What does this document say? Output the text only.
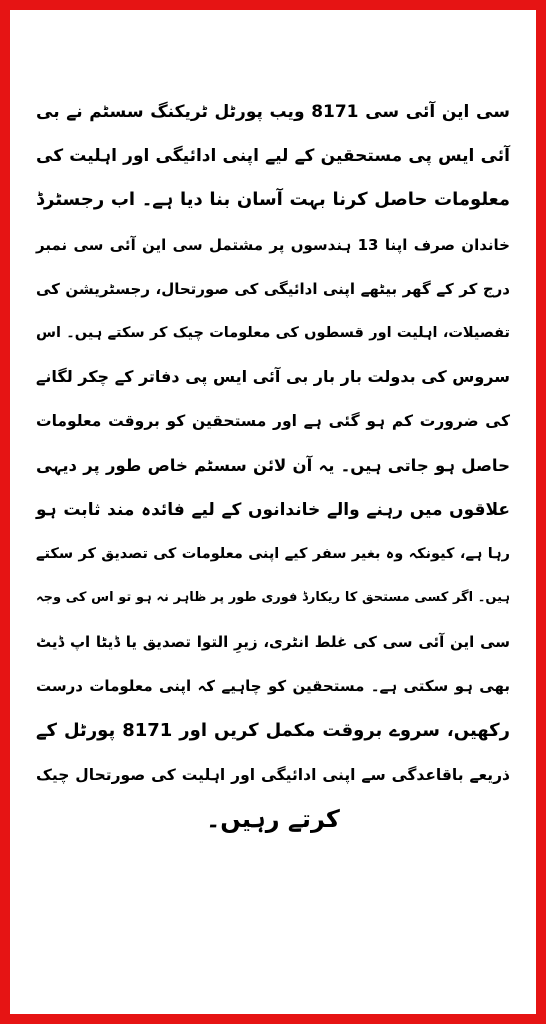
سی این آئی سی 8171 ویب پورٹل ٹریکنگ سسٹم نے بی
آئی ایس پی مستحقین کے لیے اپنی ادائیگی اور اہلیت کی
معلومات حاصل کرنا بہت آسان بنا دیا ہے۔ اب رجسٹرڈ
خاندان صرف اپنا 13 ہندسوں پر مشتمل سی این آئی سی نمبر
درج کر کے گھر بیٹھے اپنی ادائیگی کی صورتحال، رجسٹریشن کی
تفصیلات، اہلیت اور قسطوں کی معلومات چیک کر سکتے ہیں۔ اس
سروس کی بدولت بار بار بی آئی ایس پی دفاتر کے چکر لگانے
کی ضرورت کم ہو گئی ہے اور مستحقین کو بروقت معلومات
حاصل ہو جاتی ہیں۔ یہ آن لائن سسٹم خاص طور پر دیہی
علاقوں میں رہنے والے خاندانوں کے لیے فائدہ مند ثابت ہو
رہا ہے، کیونکہ وہ بغیر سفر کیے اپنی معلومات کی تصدیق کر سکتے
ہیں۔ اگر کسی مستحق کا ریکارڈ فوری طور پر ظاہر نہ ہو تو اس کی وجہ
سی این آئی سی کی غلط انٹری، زیرِ التوا تصدیق یا ڈیٹا اپ ڈیٹ
بھی ہو سکتی ہے۔ مستحقین کو چاہیے کہ اپنی معلومات درست
رکھیں، سروے بروقت مکمل کریں اور 8171 پورٹل کے
ذریعے باقاعدگی سے اپنی ادائیگی اور اہلیت کی صورتحال چیک
کرتے رہیں۔
